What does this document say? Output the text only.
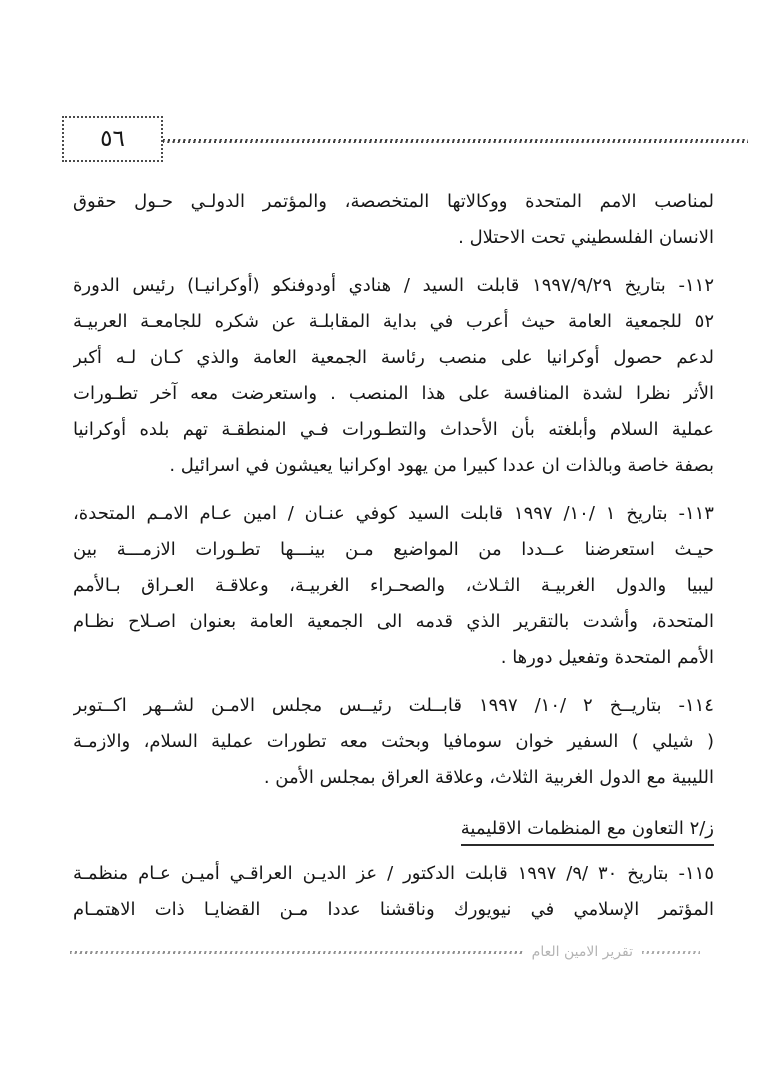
٥٦
لمناصب الامم المتحدة ووكالاتها المتخصصة، والمؤتمر الدولـي حـول حقوق
الانسان الفلسطيني تحت الاحتلال .
١١٢- بتاريخ ١٩٩٧/٩/٢٩ قابلت السيد / هنادي أودوفنكو (أوكرانيـا) رئيس الدورة
٥٢ للجمعية العامة حيث أعرب في بداية المقابلـة عن شكره للجامعـة العربيـة
لدعم حصول أوكرانيا على منصب رئاسة الجمعية العامة والذي كـان لـه أكبر
الأثر نظرا لشدة المنافسة على هذا المنصب . واستعرضت معه آخر تطـورات
عملية السلام وأبلغته بأن الأحداث والتطـورات فـي المنطقـة تهم بلده أوكرانيا
بصفة خاصة وبالذات ان عددا كبيرا من يهود اوكرانيا يعيشون في اسرائيل .
١١٣- بتاريخ ١ /١٠/ ١٩٩٧ قابلت السيد كوفي عنـان / امين عـام الامـم المتحدة،
حيـث استعرضنا عــددا من المواضيع مـن بينـــها تطـورات الازمـــة بين
ليبيا والدول الغربيـة الثـلاث، والصحـراء الغربيـة، وعلاقـة العـراق بـالأمم
المتحدة، وأشدت بالتقرير الذي قدمه الى الجمعية العامة بعنوان اصـلاح نظـام
الأمم المتحدة وتفعيل دورها .
١١٤- بتاريــخ ٢ /١٠/ ١٩٩٧ قابــلت رئيــس مجلس الامـن لشــهر اكــتوبر
( شيلي ) السفير خوان سومافيا وبحثت معه تطورات عملية السلام، والازمـة
الليبية مع الدول الغربية الثلاث، وعلاقة العراق بمجلس الأمن .
ز/٢ التعاون مع المنظمات الاقليمية
١١٥- بتاريخ ٣٠ /٩/ ١٩٩٧ قابلت الدكتور / عز الديـن العراقـي أميـن عـام منظمـة
المؤتمر الإسلامي في نيويورك وناقشنا عددا مـن القضايـا ذات الاهتمـام
تقرير الامين العام
